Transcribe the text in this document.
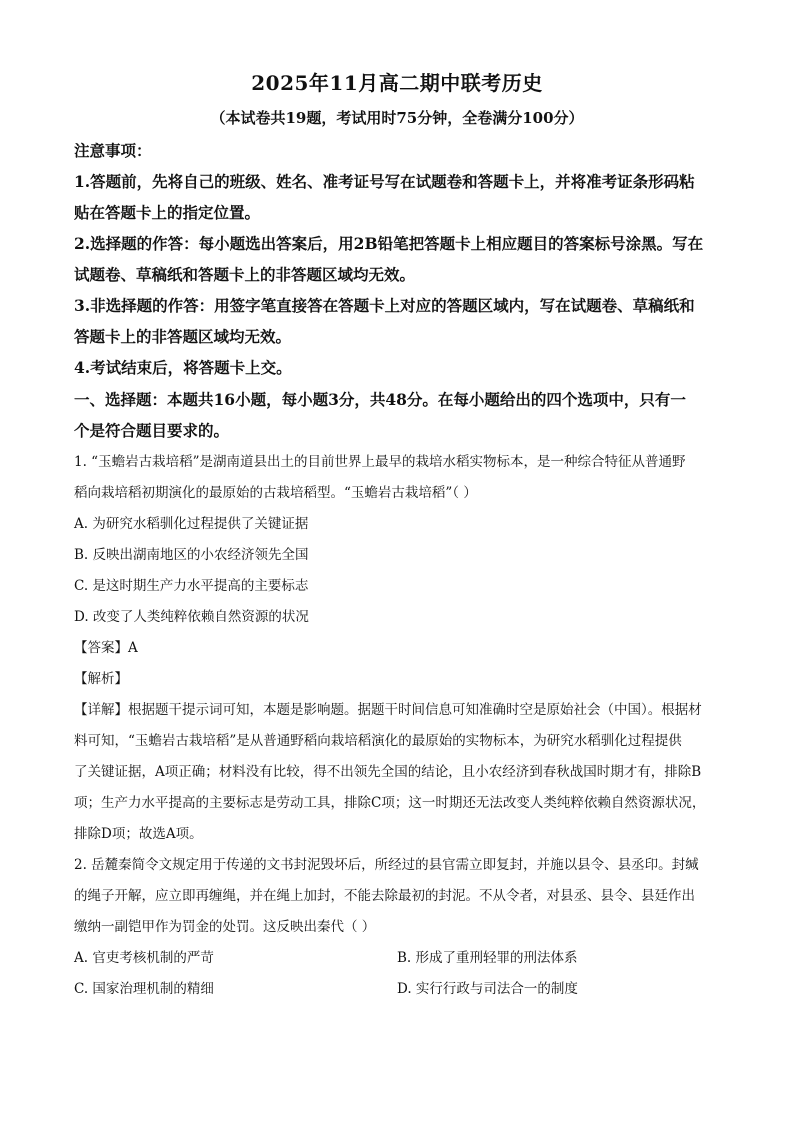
2025年11月高二期中联考历史
（本试卷共19题，考试用时75分钟，全卷满分100分）
注意事项：
1.答题前，先将自己的班级、姓名、准考证号写在试题卷和答题卡上，并将准考证条形码粘
贴在答题卡上的指定位置。
2.选择题的作答：每小题选出答案后，用2B铅笔把答题卡上相应题目的答案标号涂黑。写在
试题卷、草稿纸和答题卡上的非答题区域均无效。
3.非选择题的作答：用签字笔直接答在答题卡上对应的答题区域内，写在试题卷、草稿纸和
答题卡上的非答题区域均无效。
4.考试结束后，将答题卡上交。
一、选择题：本题共16小题，每小题3分，共48分。在每小题给出的四个选项中，只有一
个是符合题目要求的。
1. “玉蟾岩古栽培稻”是湖南道县出土的目前世界上最早的栽培水稻实物标本，是一种综合特征从普通野
稻向栽培稻初期演化的最原始的古栽培稻型。“玉蟾岩古栽培稻”（ ）
A. 为研究水稻驯化过程提供了关键证据
B. 反映出湖南地区的小农经济领先全国
C. 是这时期生产力水平提高的主要标志
D. 改变了人类纯粹依赖自然资源的状况
【答案】A
【解析】
【详解】根据题干提示词可知，本题是影响题。据题干时间信息可知准确时空是原始社会（中国）。根据材
料可知，“玉蟾岩古栽培稻”是从普通野稻向栽培稻演化的最原始的实物标本，为研究水稻驯化过程提供
了关键证据，A项正确；材料没有比较，得不出领先全国的结论，且小农经济到春秋战国时期才有，排除B
项；生产力水平提高的主要标志是劳动工具，排除C项；这一时期还无法改变人类纯粹依赖自然资源状况，
排除D项；故选A项。
2. 岳麓秦简令文规定用于传递的文书封泥毁坏后，所经过的县官需立即复封，并施以县令、县丞印。封缄
的绳子开解，应立即再缠绳，并在绳上加封，不能去除最初的封泥。不从令者，对县丞、县令、县廷作出
缴纳一副铠甲作为罚金的处罚。这反映出秦代（ ）
A. 官吏考核机制的严苛	B. 形成了重刑轻罪的刑法体系
C. 国家治理机制的精细	D. 实行行政与司法合一的制度
